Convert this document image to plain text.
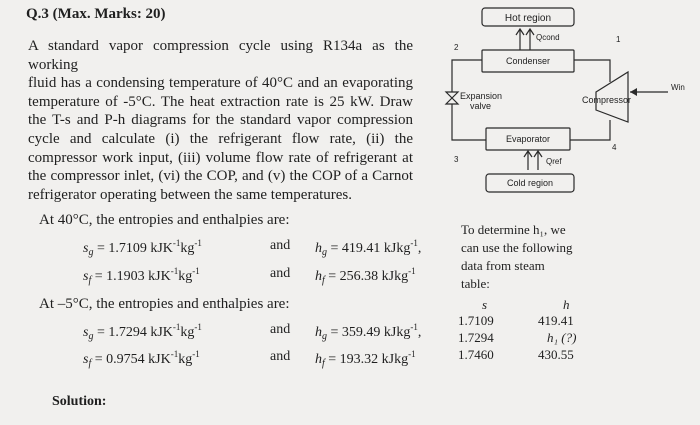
Q.3 (Max. Marks: 20)
A standard vapor compression cycle using R134a as the working
fluid has a condensing temperature of 40°C and an evaporating
temperature of -5°C. The heat extraction rate is 25 kW. Draw
the T-s and P-h diagrams for the standard vapor compression
cycle and calculate (i) the refrigerant flow rate, (ii) the
compressor work input, (iii) volume flow rate of refrigerant at
the compressor inlet, (vi) the COP, and (v) the COP of a Carnot
refrigerator operating between the same temperatures.
Hot region
Qcond
Condenser
Expansion
valve
Compressor
Win
Evaporator
Qref
Cold region
1
2
3
4
At 40°C, the entropies and enthalpies are:
$s_g = 1.7109$ $kJK^{-1}kg^{-1}$	and $h_g = 419.41$ kJkg$^{-1}$,
$s_f = 1.1903$ $kJK^{-1}kg^{-1}$	and $h_f = 256.38$ kJkg$^{-1}$
At –5°C, the entropies and enthalpies are:
$s_g = 1.7294$ $kJK^{-1}kg^{-1}$	and $h_g = 359.49$ kJkg$^{-1}$,
$s_f = 0.9754$ $kJK^{-1}kg^{-1}$	and $h_f = 193.32$ kJkg$^{-1}$
To determine h₁, we
can use the following
data from steam
table:
s	h
1.7109	419.41
1.7294	h₁ (?)
1.7460	430.55
Solution:
